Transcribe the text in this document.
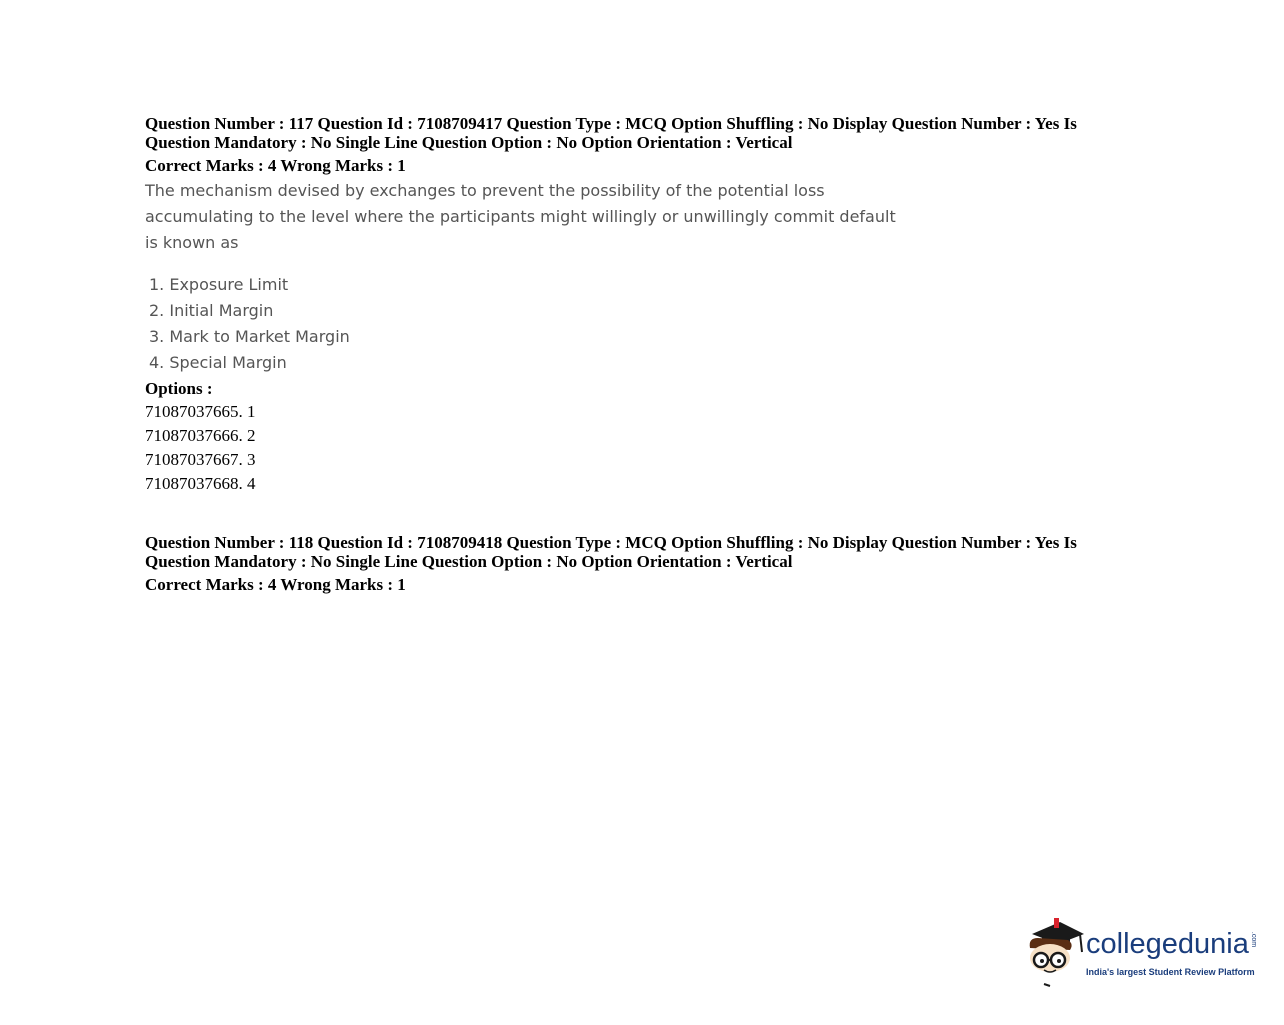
Question Number : 117 Question Id : 7108709417 Question Type : MCQ Option Shuffling : No Display Question Number : Yes Is
Question Mandatory : No Single Line Question Option : No Option Orientation : Vertical

Correct Marks : 4 Wrong Marks : 1
The mechanism devised by exchanges to prevent the possibility of the potential loss
accumulating to the level where the participants might willingly or unwillingly commit default
is known as
1. Exposure Limit
2. Initial Margin
3. Mark to Market Margin
4. Special Margin
Options :
71087037665. 1
71087037666. 2
71087037667. 3
71087037668. 4

Question Number : 118 Question Id : 7108709418 Question Type : MCQ Option Shuffling : No Display Question Number : Yes Is
Question Mandatory : No Single Line Question Option : No Option Orientation : Vertical

Correct Marks : 4 Wrong Marks : 1
collegedunia .com
India's largest Student Review Platform
